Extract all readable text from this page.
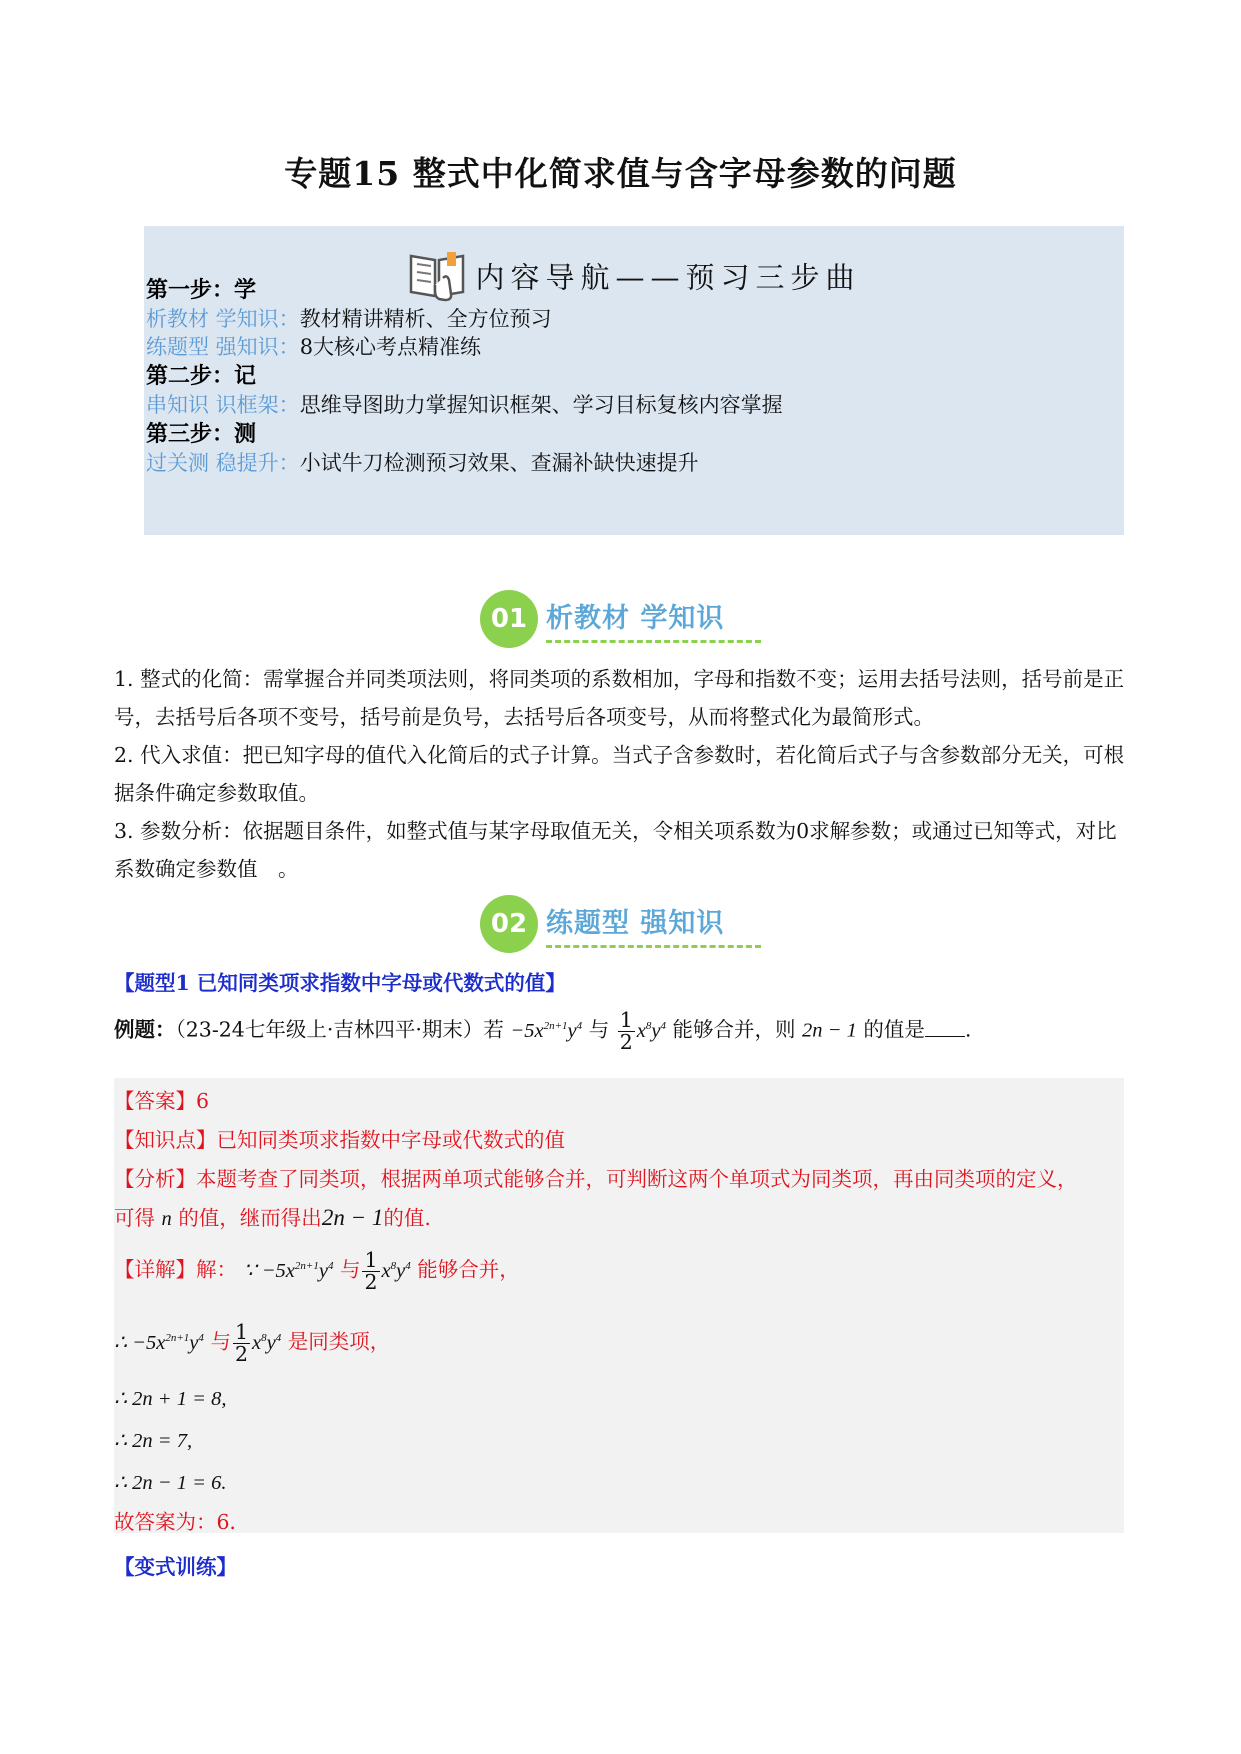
专题15 整式中化简求值与含字母参数的问题
内容导航——预习三步曲
第一步：学
析教材 学知识：教材精讲精析、全方位预习
练题型 强知识：8大核心考点精准练
第二步：记
串知识 识框架：思维导图助力掌握知识框架、学习目标复核内容掌握
第三步：测
过关测 稳提升：小试牛刀检测预习效果、查漏补缺快速提升
01 析教材 学知识
1. 整式的化简：需掌握合并同类项法则，将同类项的系数相加，字母和指数不变；运用去括号法则，括号前是正号，去括号后各项不变号，括号前是负号，去括号后各项变号，从而将整式化为最简形式。
2. 代入求值：把已知字母的值代入化简后的式子计算。当式子含参数时，若化简后式子与含参数部分无关，可根据条件确定参数取值。
3. 参数分析：依据题目条件，如整式值与某字母取值无关，令相关项系数为0求解参数；或通过已知等式，对比系数确定参数值　。
02 练题型 强知识
【题型1 已知同类项求指数中字母或代数式的值】
例题：（23-24七年级上·吉林四平·期末）若 $-5x^{2n+1}y^4$ 与 $\frac{1}{2} x^8y^4$ 能够合并，则 2n − 1 的值是 .
【答案】6
【知识点】已知同类项求指数中字母或代数式的值
【分析】本题考查了同类项，根据两单项式能够合并，可判断这两个单项式为同类项，再由同类项的定义，
可得 n 的值，继而得出2n − 1的值.
【详解】解： ∵ $-5x^{2n+1}y^4$ 与 $\frac{1}{2} x^8y^4$ 能够合并，
∴ $-5x^{2n+1}y^4$ 与 $\frac{1}{2} x^8y^4$ 是同类项，
∴ 2n + 1 = 8,
∴ 2n = 7,
∴ 2n − 1 = 6.
故答案为：6．
【变式训练】
